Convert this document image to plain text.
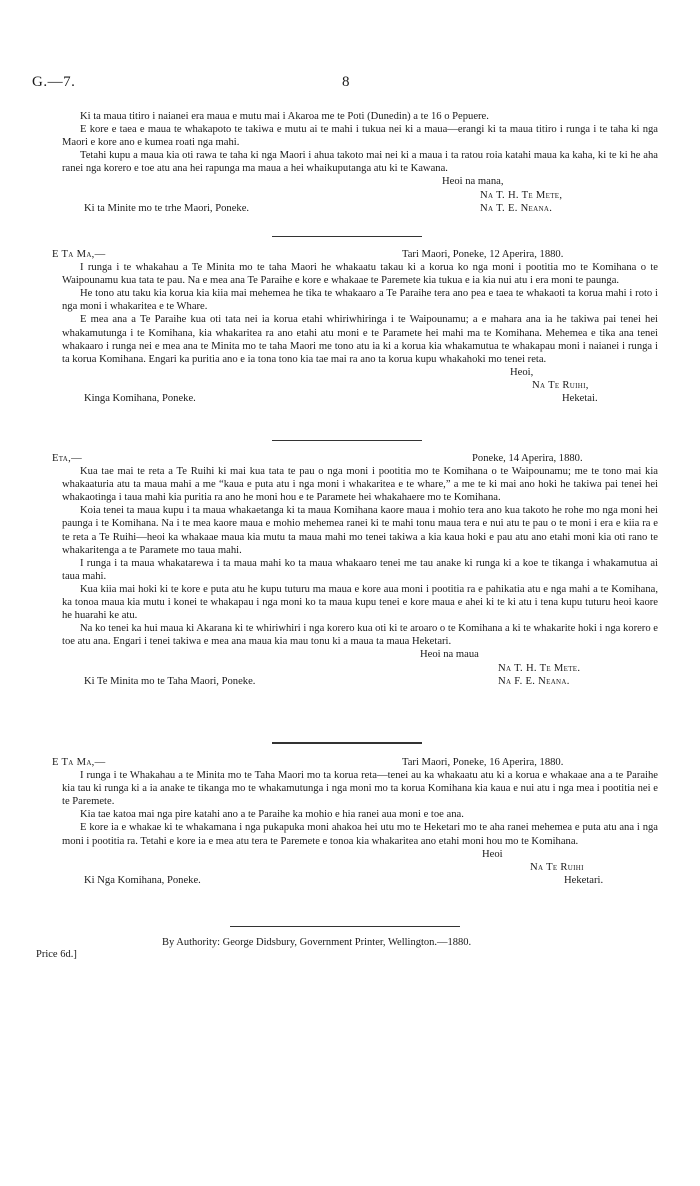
G.—7.	8

Ki ta maua titiro i naianei era maua e mutu mai i Akaroa me te Poti (Dunedin) a te 16 o Pepuere.

E kore e taea e maua te whakapoto te takiwa e mutu ai te mahi i tukua nei ki a maua—erangi ki ta maua titiro i runga i te taha ki nga Maori e kore ano e kumea roati nga mahi.

Tetahi kupu a maua kia oti rawa te taha ki nga Maori i ahua takoto mai nei ki a maua i ta ratou roia katahi maua ka kaha, ki te ki he aha ranei nga korero e toe atu ana hei rapunga ma maua a hei whaikuputanga atu ki te Kawana.

Heoi na mana,
Na T. H. Te Mete,
Ki ta Minite mo te trhe Maori, Poneke.	Na T. E. Neana.
E Ta Ma,—	Tari Maori, Poneke, 12 Aperira, 1880.

I runga i te whakahau a Te Minita mo te taha Maori he whakaatu takau ki a korua ko nga moni i pootitia mo te Komihana o te Waipounamu kua tata te pau. Na e mea ana Te Paraihe e kore e whakaae te Paremete kia tukua e ia kia nui atu i era moni te paunga.

He tono atu taku kia korua kia kiia mai mehemea he tika te whakaaro a Te Paraihe tera ano pea e taea te whakaoti ta korua mahi i roto i nga moni i whakaritea e te Whare.

E mea ana a Te Paraihe kua oti tata nei ia korua etahi whiriwhiringa i te Waipounamu; a e mahara ana ia he takiwa pai tenei hei whakamutunga i te Komihana, kia whakaritea ra ano etahi atu moni e te Paramete hei mahi ma te Komihana. Mehemea e tika ana tenei whakaaro i runga nei e mea ana te Minita mo te taha Maori me tono atu ia ki a korua kia whakamutua te whakapau moni i naianei i runga i ta korua Komihana. Engari ka puritia ano e ia tona tono kia tae mai ra ano ta korua kupu whakahoki mo tenei reta.

Heoi,
Na Te Ruihi,
Kinga Komihana, Poneke.	Heketai.
Eta,—	Poneke, 14 Aperira, 1880.

Kua tae mai te reta a Te Ruihi ki mai kua tata te pau o nga moni i pootitia mo te Komihana o te Waipounamu; me te tono mai kia whakaaturia atu ta maua mahi a me “kaua e puta atu i nga moni i whakaritea e te whare,” a me te ki mai ano hoki he takiwa pai tenei hei whakaotinga i taua mahi kia puritia ra ano he moni hou e te Paramete hei whakahaere mo te Komihana.

Koia tenei ta maua kupu i ta maua whakaetanga ki ta maua Komihana kaore maua i mohio tera ano kua takoto he rohe mo nga moni hei paunga i te Komihana. Na i te mea kaore maua e mohio mehemea ranei ki te mahi tonu maua tera e nui atu te pau o te moni i era e kiia ra e te reta a Te Ruihi—heoi ka whakaae maua kia mutu ta maua mahi mo tenei takiwa a kia kaua hoki e pau atu ano etahi moni kia oti rano te whakaritenga a te Paramete mo taua mahi.

I runga i ta maua whakatarewa i ta maua mahi ko ta maua whakaaro tenei me tau anake ki runga ki a koe te tikanga i whakamutua ai taua mahi.

Kua kiia mai hoki ki te kore e puta atu he kupu tuturu ma maua e kore aua moni i pootitia ra e pahikatia atu e nga mahi a te Komihana, ka tonoa maua kia mutu i konei te whakapau i nga moni ko ta maua kupu tenei e kore maua e ahei ki te ki atu i tena kupu tuturu heoi kaore he huarahi ke atu.

Na ko tenei ka hui maua ki Akarana ki te whiriwhiri i nga korero kua oti ki te aroaro o te Komihana a ki te whakarite hoki i nga korero e toe atu ana. Engari i tenei takiwa e mea ana maua kia mau tonu ki a maua ta maua Heketari.

Heoi na maua
Na T. H. Te Mete.
Ki Te Minita mo te Taha Maori, Poneke.	Na F. E. Neana.
E Ta Ma,—	Tari Maori, Poneke, 16 Aperira, 1880.

I runga i te Whakahau a te Minita mo te Taha Maori mo ta korua reta—tenei au ka whakaatu atu ki a korua e whakaae ana a te Paraihe kia tau ki runga ki a ia anake te tikanga mo te whakamutunga i nga moni mo ta korua Komihana kia kaua e nui atu i nga mea i pootitia nei e te Paremete.

Kia tae katoa mai nga pire katahi ano a te Paraihe ka mohio e hia ranei aua moni e toe ana.

E kore ia e whakae ki te whakamana i nga pukapuka moni ahakoa hei utu mo te Heketari mo te aha ranei mehemea e puta atu ana i nga moni i pootitia ra. Tetahi e kore ia e mea atu tera te Paremete e tonoa kia whakaritea ano etahi moni hou mo te Komihana.

Heoi
Na Te Ruihi
Ki Nga Komihana, Poneke.	Heketari.
By Authority: George Didsbury, Government Printer, Wellington.—1880.
Price 6d.]
